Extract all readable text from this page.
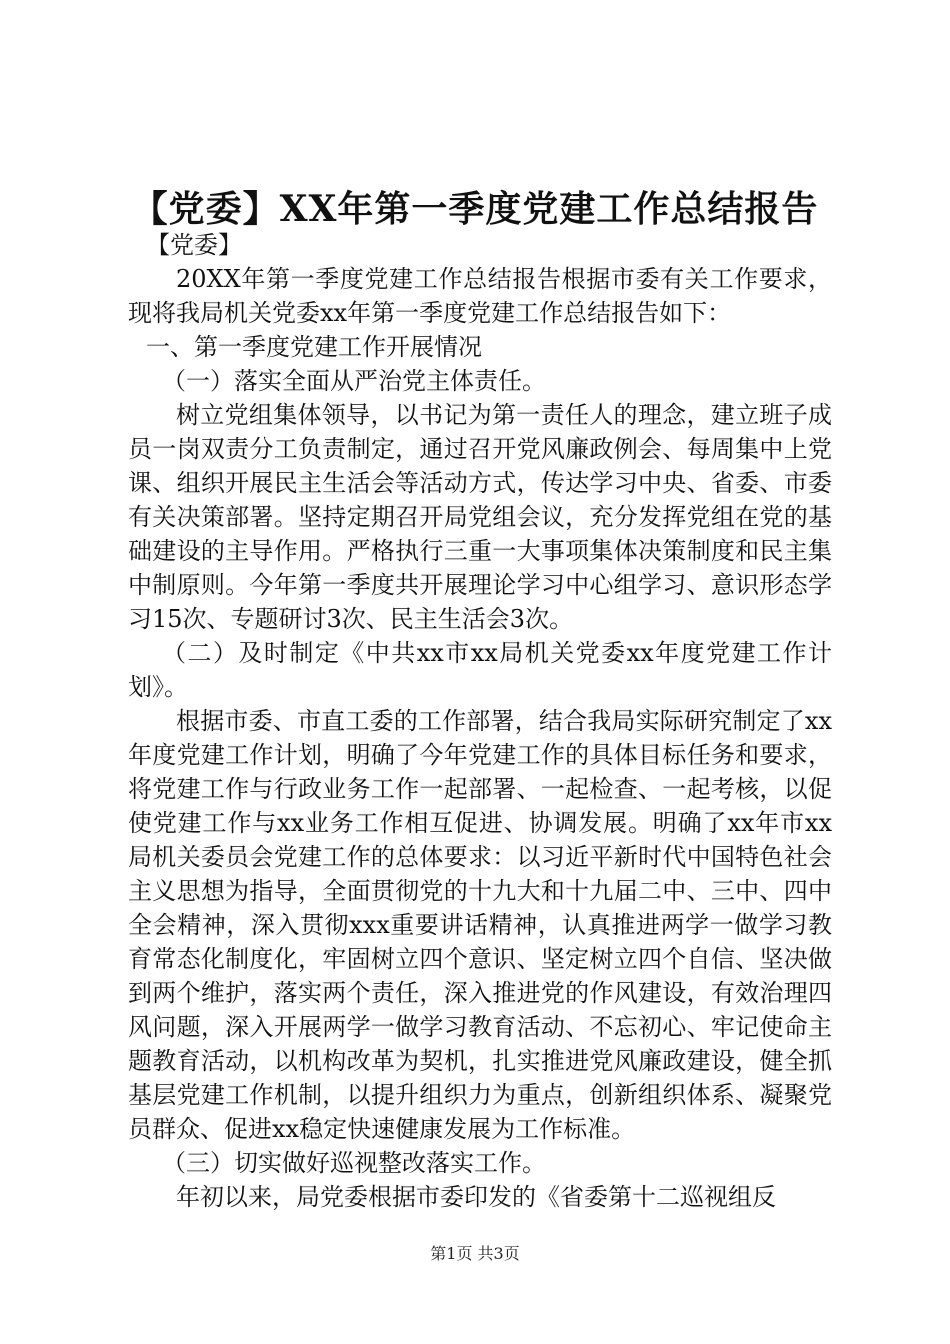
【党委】XX年第一季度党建工作总结报告

【党委】

20XX年第一季度党建工作总结报告根据市委有关工作要求，现将我局机关党委xx年第一季度党建工作总结报告如下：

一、第一季度党建工作开展情况

（一）落实全面从严治党主体责任。

树立党组集体领导，以书记为第一责任人的理念，建立班子成员一岗双责分工负责制定，通过召开党风廉政例会、每周集中上党课、组织开展民主生活会等活动方式，传达学习中央、省委、市委有关决策部署。坚持定期召开局党组会议，充分发挥党组在党的基础建设的主导作用。严格执行三重一大事项集体决策制度和民主集中制原则。今年第一季度共开展理论学习中心组学习、意识形态学习15次、专题研讨3次、民主生活会3次。

（二）及时制定《中共xx市xx局机关党委xx年度党建工作计划》。

根据市委、市直工委的工作部署，结合我局实际研究制定了xx年度党建工作计划，明确了今年党建工作的具体目标任务和要求，将党建工作与行政业务工作一起部署、一起检查、一起考核，以促使党建工作与xx业务工作相互促进、协调发展。明确了xx年市xx局机关委员会党建工作的总体要求：以习近平新时代中国特色社会主义思想为指导，全面贯彻党的十九大和十九届二中、三中、四中全会精神，深入贯彻xxx重要讲话精神，认真推进两学一做学习教育常态化制度化，牢固树立四个意识、坚定树立四个自信、坚决做到两个维护，落实两个责任，深入推进党的作风建设，有效治理四风问题，深入开展两学一做学习教育活动、不忘初心、牢记使命主题教育活动，以机构改革为契机，扎实推进党风廉政建设，健全抓基层党建工作机制，以提升组织力为重点，创新组织体系、凝聚党员群众、促进xx稳定快速健康发展为工作标准。

（三）切实做好巡视整改落实工作。

年初以来，局党委根据市委印发的《省委第十二巡视组反

第1页 共3页
